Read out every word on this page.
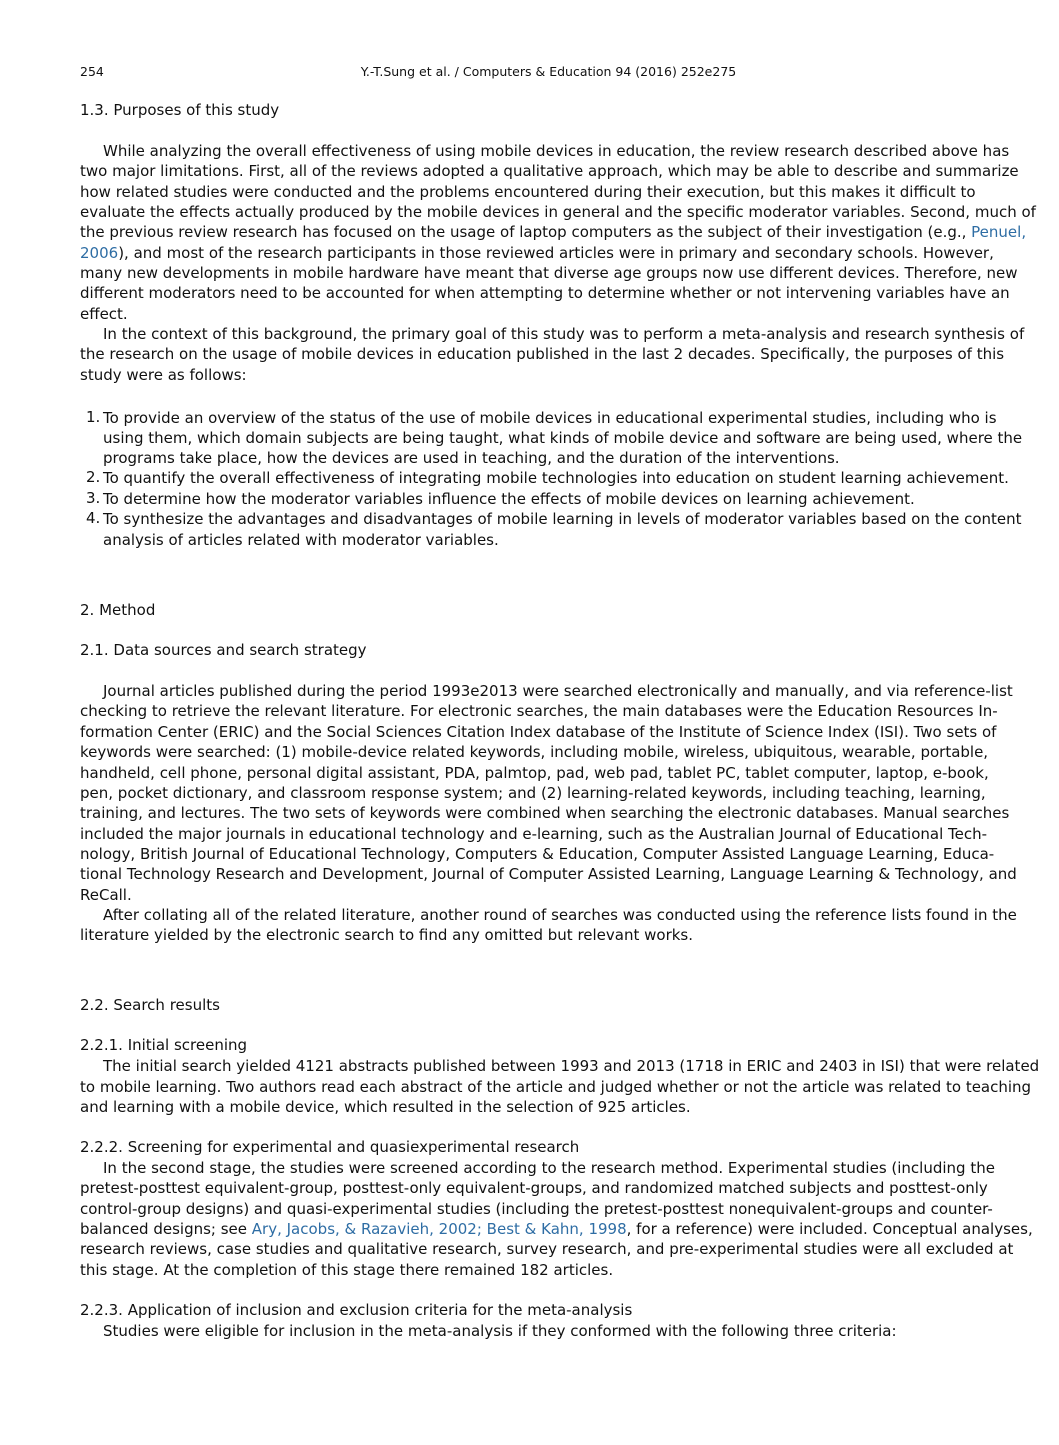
254	Y.-T.Sung et al. / Computers & Education 94 (2016) 252e275
1.3. Purposes of this study
While analyzing the overall effectiveness of using mobile devices in education, the review research described above has
two major limitations. First, all of the reviews adopted a qualitative approach, which may be able to describe and summarize
how related studies were conducted and the problems encountered during their execution, but this makes it difficult to
evaluate the effects actually produced by the mobile devices in general and the specific moderator variables. Second, much of
the previous review research has focused on the usage of laptop computers as the subject of their investigation (e.g., Penuel,
2006), and most of the research participants in those reviewed articles were in primary and secondary schools. However,
many new developments in mobile hardware have meant that diverse age groups now use different devices. Therefore, new
different moderators need to be accounted for when attempting to determine whether or not intervening variables have an
effect.
In the context of this background, the primary goal of this study was to perform a meta-analysis and research synthesis of
the research on the usage of mobile devices in education published in the last 2 decades. Specifically, the purposes of this
study were as follows:
1. To provide an overview of the status of the use of mobile devices in educational experimental studies, including who is
using them, which domain subjects are being taught, what kinds of mobile device and software are being used, where the
programs take place, how the devices are used in teaching, and the duration of the interventions.
2. To quantify the overall effectiveness of integrating mobile technologies into education on student learning achievement.
3. To determine how the moderator variables influence the effects of mobile devices on learning achievement.
4. To synthesize the advantages and disadvantages of mobile learning in levels of moderator variables based on the content
analysis of articles related with moderator variables.
2. Method
2.1. Data sources and search strategy
Journal articles published during the period 1993e2013 were searched electronically and manually, and via reference-list
checking to retrieve the relevant literature. For electronic searches, the main databases were the Education Resources In-
formation Center (ERIC) and the Social Sciences Citation Index database of the Institute of Science Index (ISI). Two sets of
keywords were searched: (1) mobile-device related keywords, including mobile, wireless, ubiquitous, wearable, portable,
handheld, cell phone, personal digital assistant, PDA, palmtop, pad, web pad, tablet PC, tablet computer, laptop, e-book,
pen, pocket dictionary, and classroom response system; and (2) learning-related keywords, including teaching, learning,
training, and lectures. The two sets of keywords were combined when searching the electronic databases. Manual searches
included the major journals in educational technology and e-learning, such as the Australian Journal of Educational Tech-
nology, British Journal of Educational Technology, Computers & Education, Computer Assisted Language Learning, Educa-
tional Technology Research and Development, Journal of Computer Assisted Learning, Language Learning & Technology, and
ReCall.
After collating all of the related literature, another round of searches was conducted using the reference lists found in the
literature yielded by the electronic search to find any omitted but relevant works.
2.2. Search results
2.2.1. Initial screening
The initial search yielded 4121 abstracts published between 1993 and 2013 (1718 in ERIC and 2403 in ISI) that were related
to mobile learning. Two authors read each abstract of the article and judged whether or not the article was related to teaching
and learning with a mobile device, which resulted in the selection of 925 articles.
2.2.2. Screening for experimental and quasiexperimental research
In the second stage, the studies were screened according to the research method. Experimental studies (including the
pretest-posttest equivalent-group, posttest-only equivalent-groups, and randomized matched subjects and posttest-only
control-group designs) and quasi-experimental studies (including the pretest-posttest nonequivalent-groups and counter-
balanced designs; see Ary, Jacobs, & Razavieh, 2002; Best & Kahn, 1998, for a reference) were included. Conceptual analyses,
research reviews, case studies and qualitative research, survey research, and pre-experimental studies were all excluded at
this stage. At the completion of this stage there remained 182 articles.
2.2.3. Application of inclusion and exclusion criteria for the meta-analysis
Studies were eligible for inclusion in the meta-analysis if they conformed with the following three criteria:
